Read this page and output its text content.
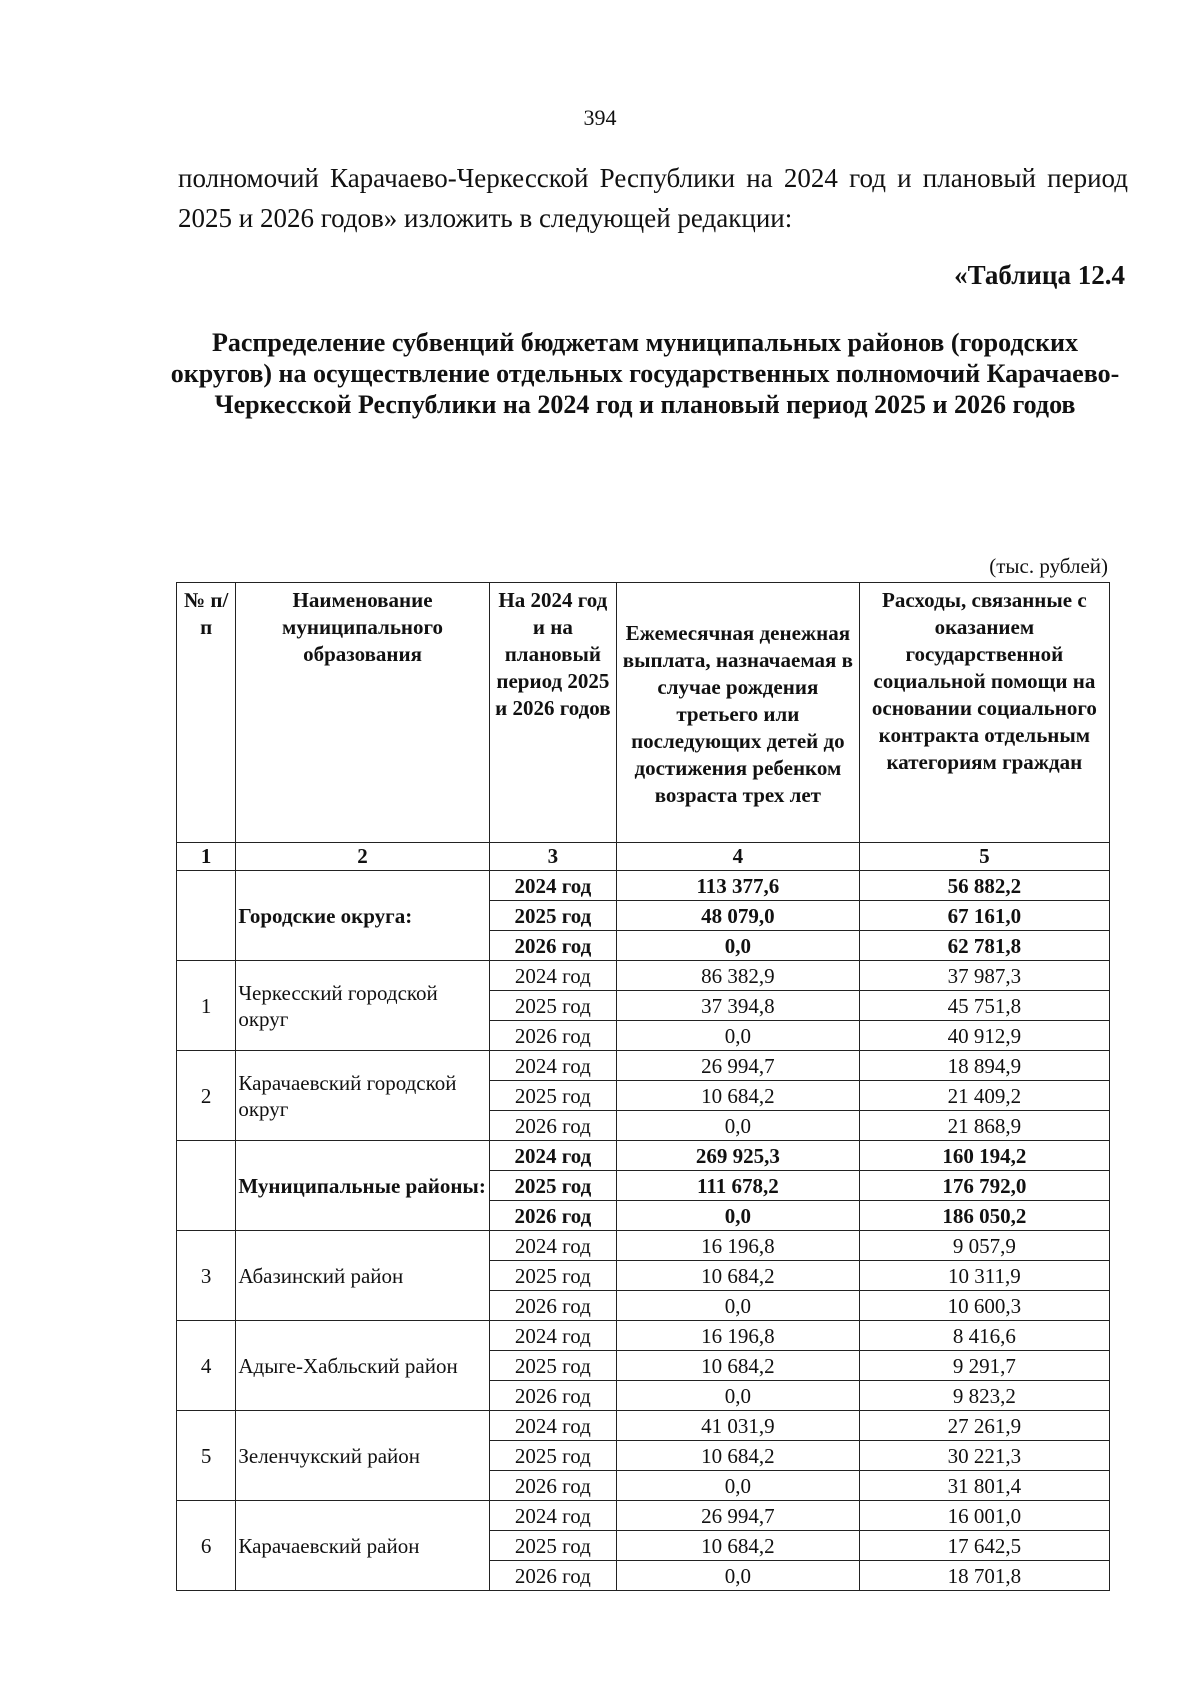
394
полномочий Карачаево-Черкесской Республики на 2024 год и плановый период 2025 и 2026 годов» изложить в следующей редакции:
«Таблица 12.4
Распределение субвенций бюджетам муниципальных районов (городских округов) на осуществление отдельных государственных полномочий Карачаево-Черкесской Республики на 2024 год и плановый период 2025 и 2026 годов
(тыс. рублей)
№ п/п	Наименование муниципального образования	На 2024 год и на плановый период 2025 и 2026 годов	Ежемесячная денежная выплата, назначаемая в случае рождения третьего или последующих детей до достижения ребенком возраста трех лет	Расходы, связанные с оказанием государственной социальной помощи на основании социального контракта отдельным категориям граждан
1	2	3	4	5
	Городские округа:	2024 год	113 377,6	56 882,2
		2025 год	48 079,0	67 161,0
		2026 год	0,0	62 781,8
1	Черкесский городской округ	2024 год	86 382,9	37 987,3
		2025 год	37 394,8	45 751,8
		2026 год	0,0	40 912,9
2	Карачаевский городской округ	2024 год	26 994,7	18 894,9
		2025 год	10 684,2	21 409,2
		2026 год	0,0	21 868,9
	Муниципальные районы:	2024 год	269 925,3	160 194,2
		2025 год	111 678,2	176 792,0
		2026 год	0,0	186 050,2
3	Абазинский район	2024 год	16 196,8	9 057,9
		2025 год	10 684,2	10 311,9
		2026 год	0,0	10 600,3
4	Адыге-Хабльский район	2024 год	16 196,8	8 416,6
		2025 год	10 684,2	9 291,7
		2026 год	0,0	9 823,2
5	Зеленчукский район	2024 год	41 031,9	27 261,9
		2025 год	10 684,2	30 221,3
		2026 год	0,0	31 801,4
6	Карачаевский район	2024 год	26 994,7	16 001,0
		2025 год	10 684,2	17 642,5
		2026 год	0,0	18 701,8
